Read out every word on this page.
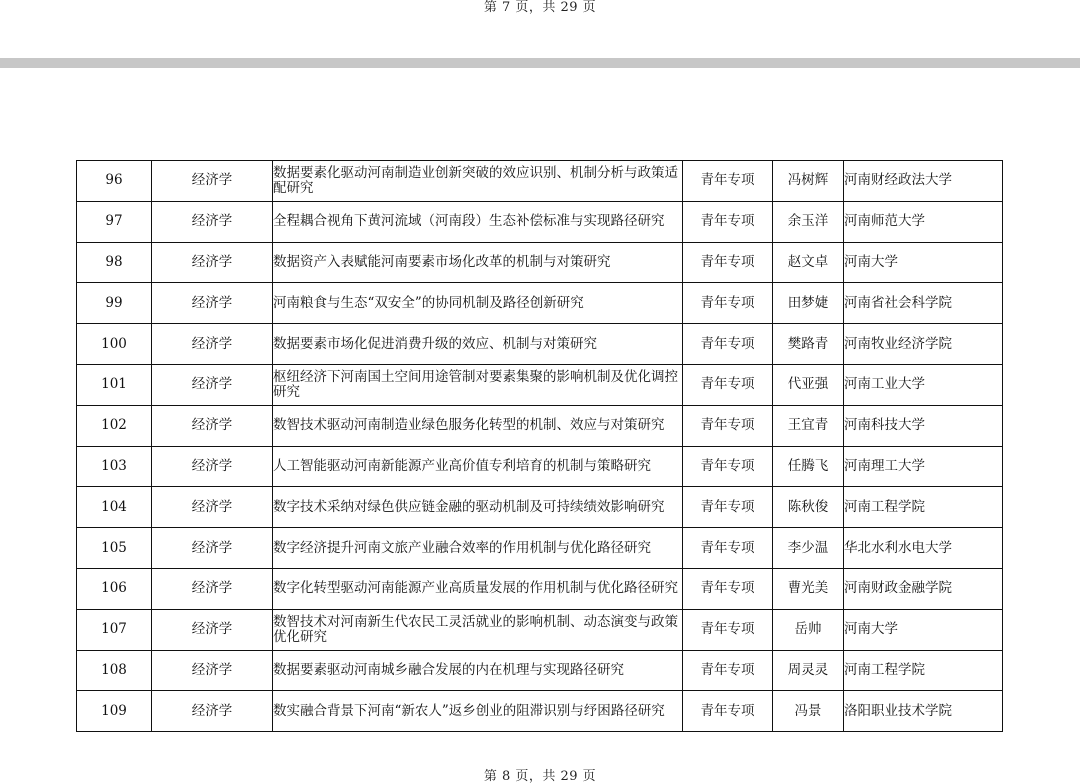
第 7 页，共 29 页
96	经济学	数据要素化驱动河南制造业创新突破的效应识别、机制分析与政策适配研究	青年专项	冯树辉	河南财经政法大学
97	经济学	全程耦合视角下黄河流域（河南段）生态补偿标准与实现路径研究	青年专项	余玉洋	河南师范大学
98	经济学	数据资产入表赋能河南要素市场化改革的机制与对策研究	青年专项	赵文卓	河南大学
99	经济学	河南粮食与生态“双安全”的协同机制及路径创新研究	青年专项	田梦婕	河南省社会科学院
100	经济学	数据要素市场化促进消费升级的效应、机制与对策研究	青年专项	樊路青	河南牧业经济学院
101	经济学	枢纽经济下河南国土空间用途管制对要素集聚的影响机制及优化调控研究	青年专项	代亚强	河南工业大学
102	经济学	数智技术驱动河南制造业绿色服务化转型的机制、效应与对策研究	青年专项	王宜青	河南科技大学
103	经济学	人工智能驱动河南新能源产业高价值专利培育的机制与策略研究	青年专项	任腾飞	河南理工大学
104	经济学	数字技术采纳对绿色供应链金融的驱动机制及可持续绩效影响研究	青年专项	陈秋俊	河南工程学院
105	经济学	数字经济提升河南文旅产业融合效率的作用机制与优化路径研究	青年专项	李少温	华北水利水电大学
106	经济学	数字化转型驱动河南能源产业高质量发展的作用机制与优化路径研究	青年专项	曹光美	河南财政金融学院
107	经济学	数智技术对河南新生代农民工灵活就业的影响机制、动态演变与政策优化研究	青年专项	岳帅	河南大学
108	经济学	数据要素驱动河南城乡融合发展的内在机理与实现路径研究	青年专项	周灵灵	河南工程学院
109	经济学	数实融合背景下河南“新农人”返乡创业的阻滞识别与纾困路径研究	青年专项	冯景	洛阳职业技术学院
第 8 页，共 29 页
